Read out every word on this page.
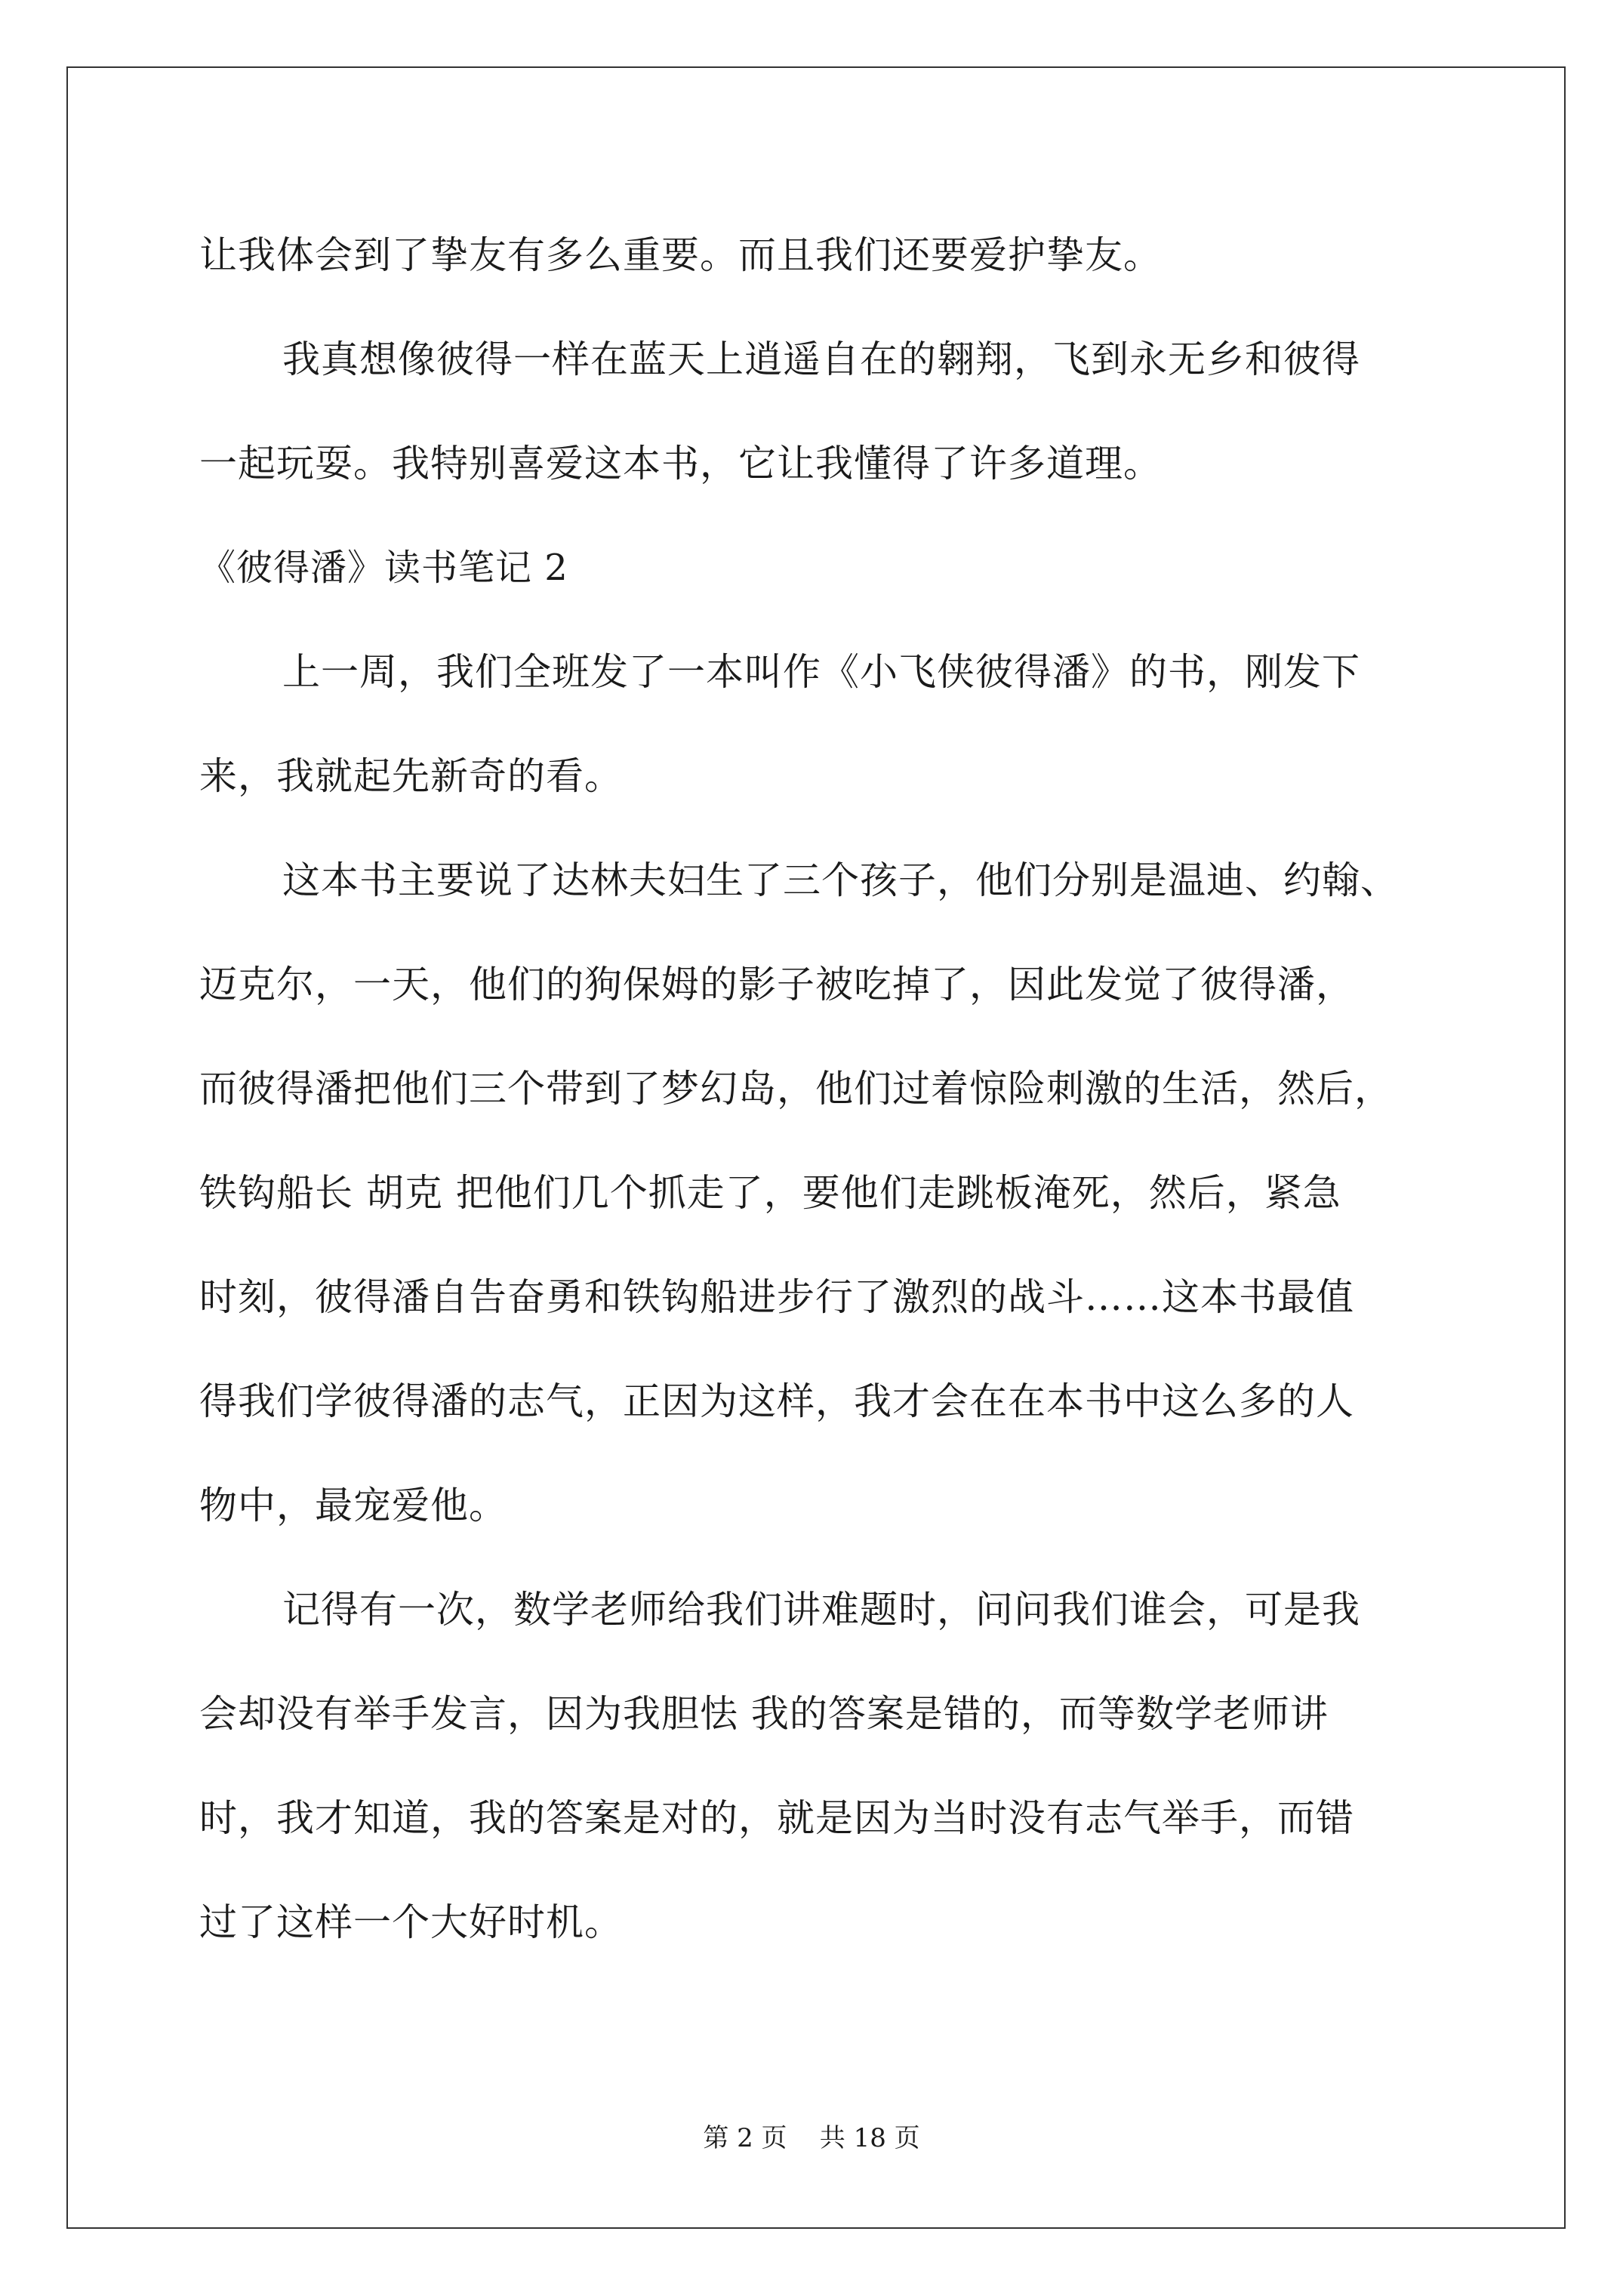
让我体会到了挚友有多么重要。而且我们还要爱护挚友。
我真想像彼得一样在蓝天上逍遥自在的翱翔，飞到永无乡和彼得
一起玩耍。我特别喜爱这本书，它让我懂得了许多道理。
《彼得潘》读书笔记 2
上一周，我们全班发了一本叫作《小飞侠彼得潘》的书，刚发下
来，我就起先新奇的看。
这本书主要说了达林夫妇生了三个孩子，他们分别是温迪、约翰、
迈克尔，一天，他们的狗保姆的影子被吃掉了，因此发觉了彼得潘，
而彼得潘把他们三个带到了梦幻岛，他们过着惊险刺激的生活，然后，
铁钩船长 胡克 把他们几个抓走了，要他们走跳板淹死，然后，紧急
时刻，彼得潘自告奋勇和铁钩船进步行了激烈的战斗……这本书最值
得我们学彼得潘的志气，正因为这样，我才会在在本书中这么多的人
物中，最宠爱他。
记得有一次，数学老师给我们讲难题时，问问我们谁会，可是我
会却没有举手发言，因为我胆怯 我的答案是错的，而等数学老师讲
时，我才知道，我的答案是对的，就是因为当时没有志气举手，而错
过了这样一个大好时机。
第 2 页    共 18 页
